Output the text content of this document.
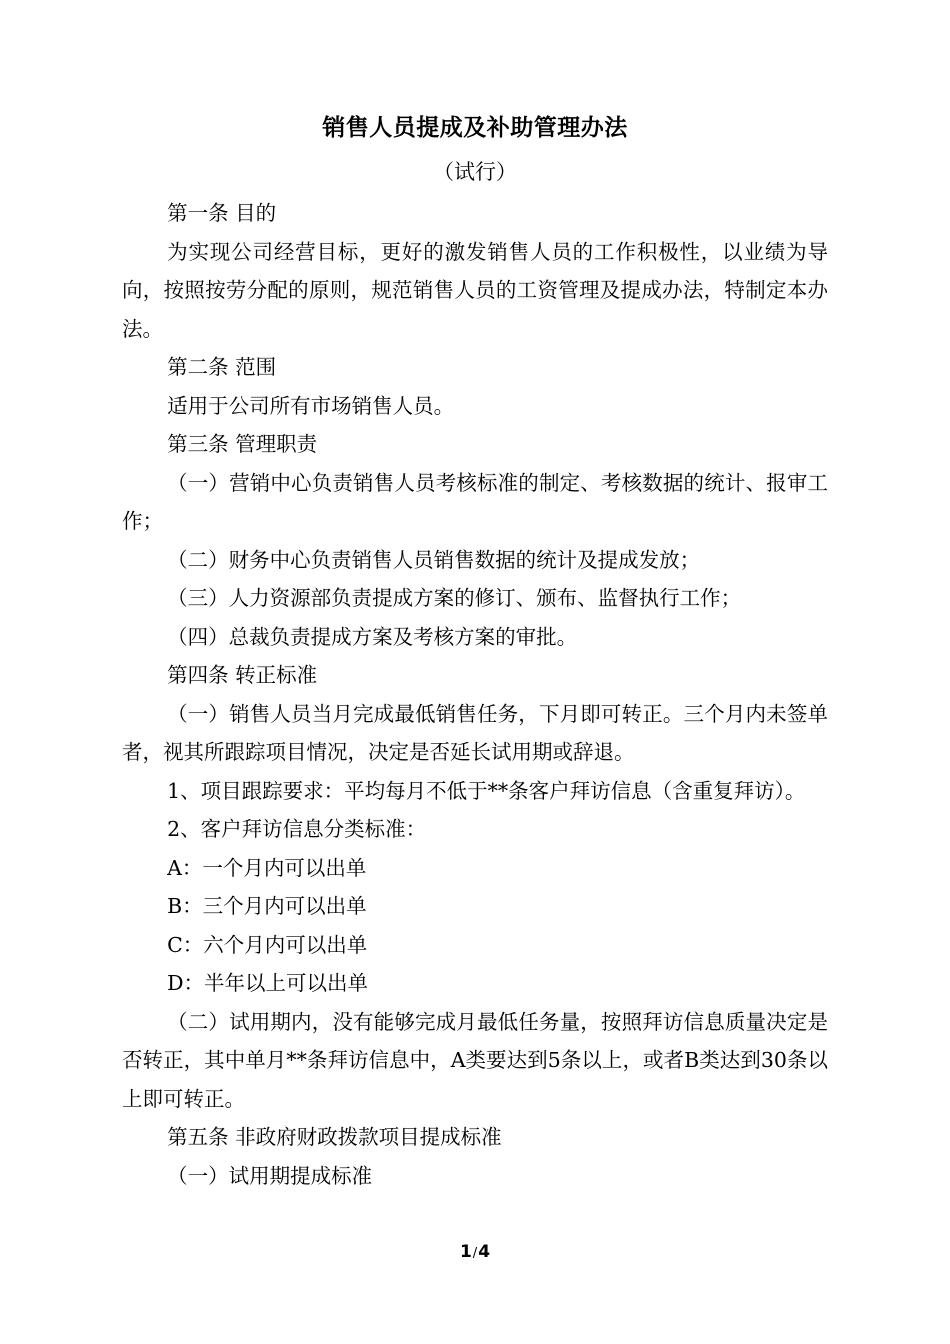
销售人员提成及补助管理办法
（试行）

第一条 目的

为实现公司经营目标，更好的激发销售人员的工作积极性，以业绩为导向，按照按劳分配的原则，规范销售人员的工资管理及提成办法，特制定本办法。

第二条 范围

适用于公司所有市场销售人员。

第三条 管理职责

（一）营销中心负责销售人员考核标准的制定、考核数据的统计、报审工作；

（二）财务中心负责销售人员销售数据的统计及提成发放；

（三）人力资源部负责提成方案的修订、颁布、监督执行工作；

（四）总裁负责提成方案及考核方案的审批。

第四条 转正标准

（一）销售人员当月完成最低销售任务，下月即可转正。三个月内未签单者，视其所跟踪项目情况，决定是否延长试用期或辞退。

1、项目跟踪要求：平均每月不低于**条客户拜访信息（含重复拜访）。

2、客户拜访信息分类标准：

A：一个月内可以出单

B：三个月内可以出单

C：六个月内可以出单

D：半年以上可以出单

（二）试用期内，没有能够完成月最低任务量，按照拜访信息质量决定是否转正，其中单月**条拜访信息中，A类要达到5条以上，或者B类达到30条以上即可转正。

第五条 非政府财政拨款项目提成标准

（一）试用期提成标准

1/4
